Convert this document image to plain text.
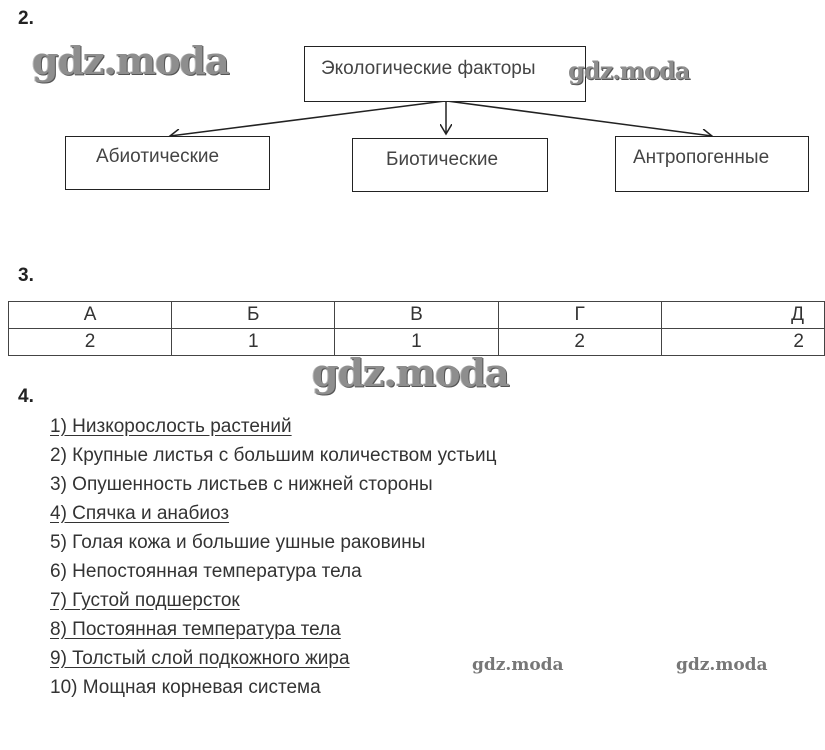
2.
Экологические факторы
Абиотические	Биотические	Антропогенные
3.
А	Б	В	Г	Д
2	1	1	2	2
4.
1) Низкорослость растений
2) Крупные листья с большим количеством устьиц
3) Опушенность листьев с нижней стороны
4) Спячка и анабиоз
5) Голая кожа и большие ушные раковины
6) Непостоянная температура тела
7) Густой подшерсток
8) Постоянная температура тела
9) Толстый слой подкожного жира
10) Мощная корневая система
gdz.moda	gdz.moda
gdz.moda
gdz.moda	gdz.moda
